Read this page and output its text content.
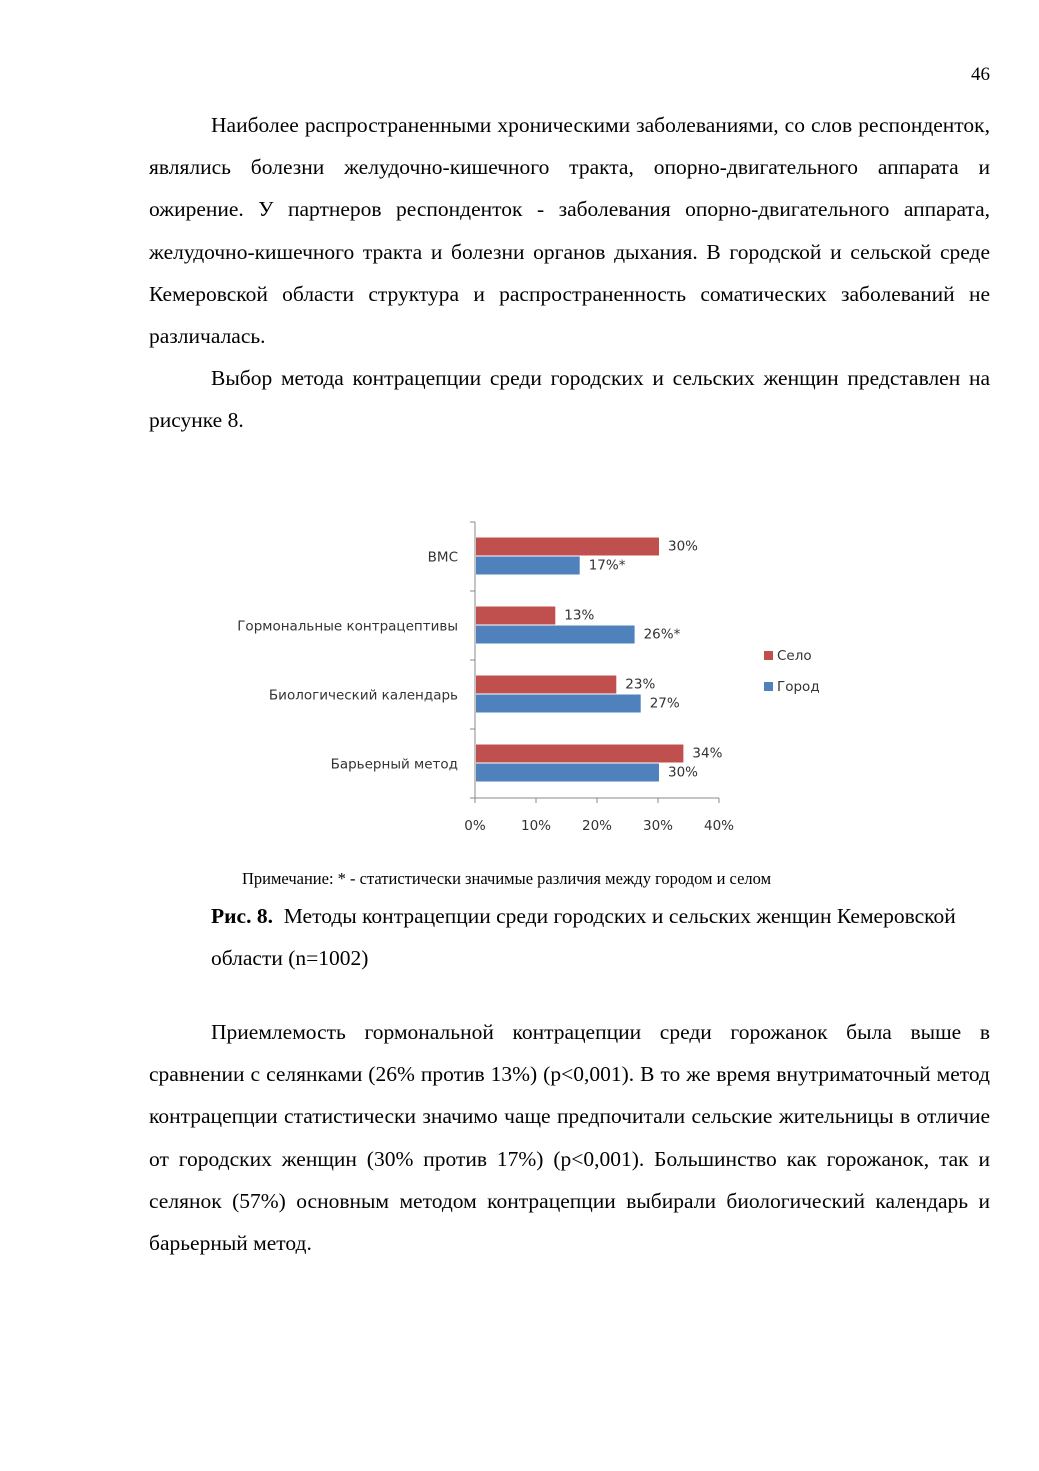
46

Наиболее распространенными хроническими заболеваниями, со слов респонденток, являлись болезни желудочно-кишечного тракта, опорно-двигательного аппарата и ожирение. У партнеров респонденток - заболевания опорно-двигательного аппарата, желудочно-кишечного тракта и болезни органов дыхания. В городской и сельской среде Кемеровской области структура и распространенность соматических заболеваний не различалась.

Выбор метода контрацепции среди городских и сельских женщин представлен на рисунке 8.

0%	10% 20% 30% 40%
ВМС
30%
17%*
Гормональные контрацептивы
13%
26%*
Биологический календарь
23%
27%
Барьерный метод
34%
30%
Село
Город
Примечание: * - статистически значимые различия между городом и селом
Рис. 8. Методы контрацепции среди городских и сельских женщин Кемеровской области (n=1002)

Приемлемость гормональной контрацепции среди горожанок была выше в сравнении с селянками (26% против 13%) (p<0,001). В то же время внутриматочный метод контрацепции статистически значимо чаще предпочитали сельские жительницы в отличие от городских женщин (30% против 17%) (p<0,001). Большинство как горожанок, так и селянок (57%) основным методом контрацепции выбирали биологический календарь и барьерный метод.
